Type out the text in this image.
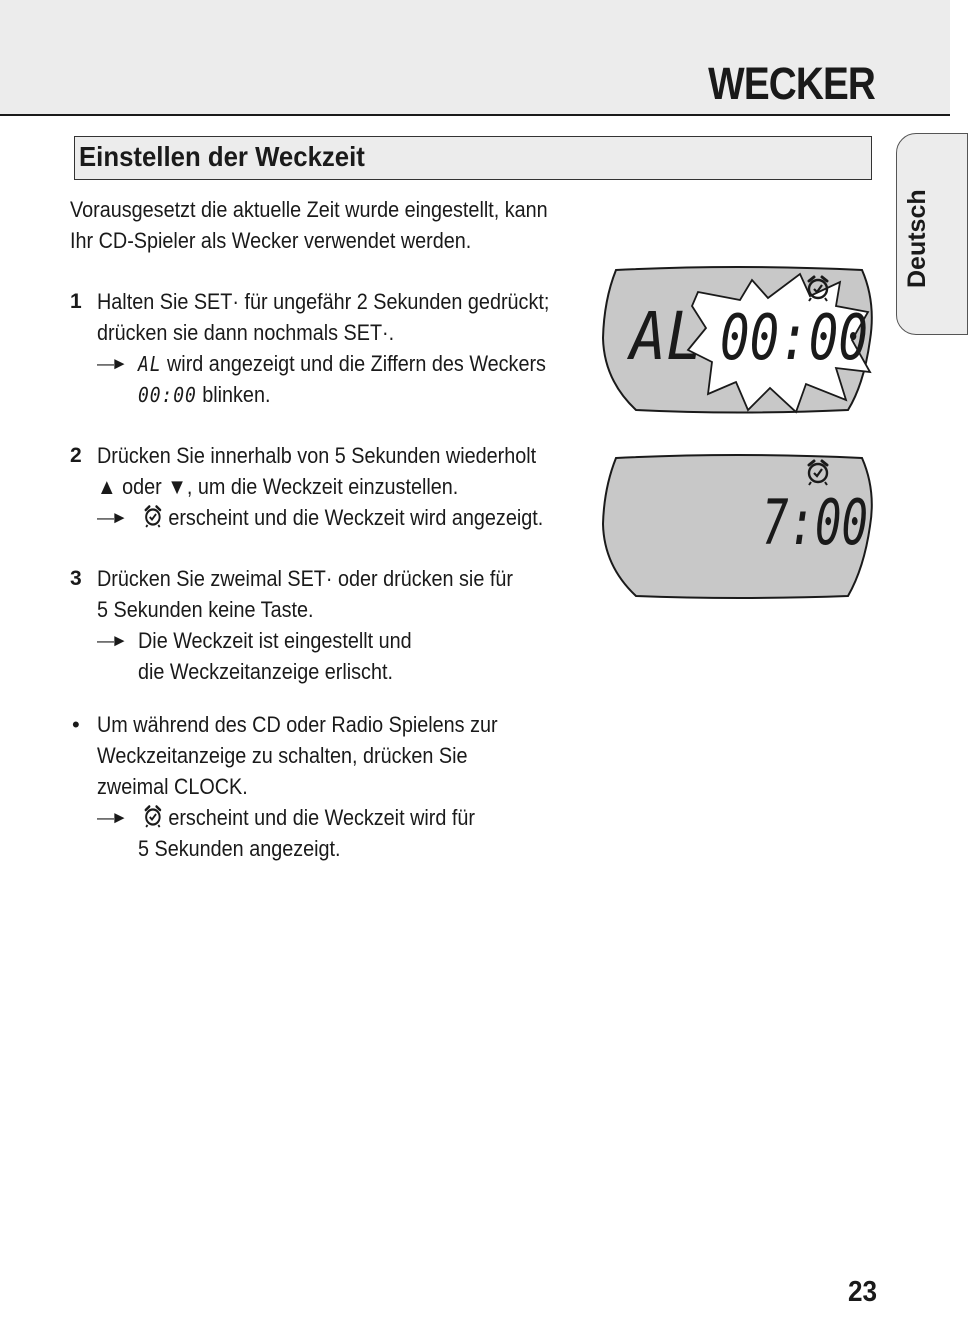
WECKER
Deutsch
Einstellen der Weckzeit
Vorausgesetzt die aktuelle Zeit wurde eingestellt, kann
Ihr CD-Spieler als Wecker verwendet werden.
1 Halten Sie SET· für ungefähr 2 Sekunden gedrückt;
drücken sie dann nochmals SET·.
—► AL wird angezeigt und die Ziffern des Weckers
00:00 blinken.
2 Drücken Sie innerhalb von 5 Sekunden wiederholt
▲ oder ▼, um die Weckzeit einzustellen.
—►	erscheint und die Weckzeit wird angezeigt.
3 Drücken Sie zweimal SET· oder drücken sie für
5 Sekunden keine Taste.
—► Die Weckzeit ist eingestellt und
die Weckzeitanzeige erlischt.
• Um während des CD oder Radio Spielens zur
Weckzeitanzeige zu schalten, drücken Sie
zweimal CLOCK.
—►	erscheint und die Weckzeit wird für
5 Sekunden angezeigt.
AL 00:00
7:00
23
